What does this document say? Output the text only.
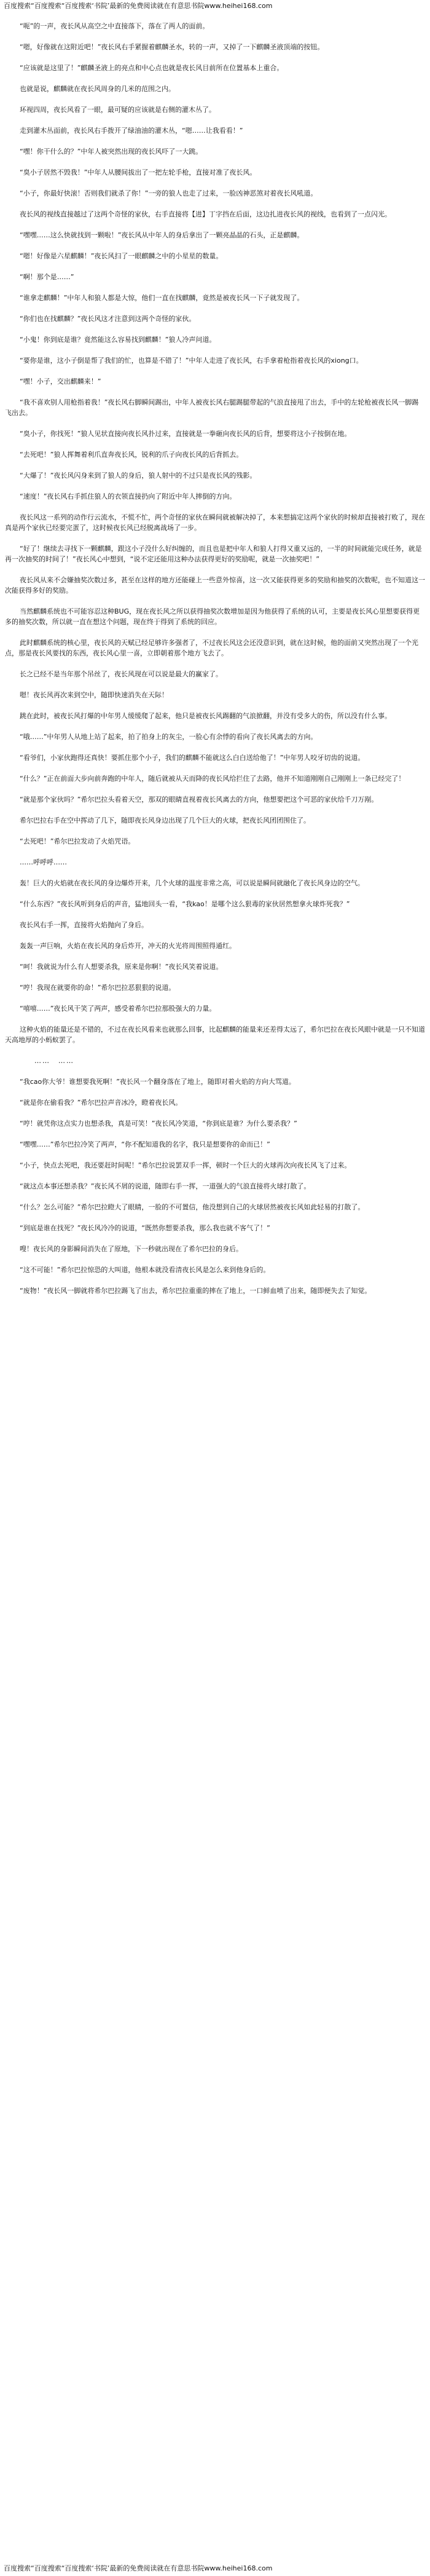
百度搜索“百度搜索“百度搜索‘书院’最新的免费阅读就在有意思书院www.heihei168.com

“呃”的一声，夜长风从高空之中直接落下，落在了两人的面前。

“嗯，好像就在这附近吧！”夜长风右手紧握着麒麟圣水，转的一声，又掉了一下麒麟圣液顶端的按钮。

“应该就是这里了！”麒麟圣液上的亮点和中心点也就是夜长风目前所在位置基本上重合。

也就是说，麒麟就在夜长风周身的几米的范围之内。

环视四周，夜长风看了一眼，最可疑的应该就是右侧的灌木丛了。

走到灌木丛面前，夜长风右手拨开了绿油油的灌木丛，“嗯……让我看看！”

“嘿！你干什么的？”中年人被突然出现的夜长风吓了一大跳。

“臭小子居然不毁我！”中年人从腰间拔出了一把左轮手枪，直接对准了夜长风。

“小子，你最好快滚！否则我们就杀了你！”一旁的狼人也走了过来，一脸凶神恶煞对着夜长风吼道。

夜长风的视线直接越过了这两个奇怪的家伙，右手直接将【进】丁字挡在后面，这边扎进夜长风的视线，也看到了一点闪光。

“嘿嘿……这么快就找到一颗啦！”夜长风从中年人的身后拿出了一颗亮晶晶的石头，正是麒麟。

“嗯！好像是六星麒麟！”夜长风扫了一眼麒麟之中的小星星的数量。

“啊！那个是……”

“谁拿走麒麟！”中年人和狼人都是大惊，他们一直在找麒麟，竟然是被夜长风一下子就发现了。

“你们也在找麒麟？”夜长风这才注意到这两个奇怪的家伙。

“小鬼！你到底是谁？竟然能这么容易找到麒麟！”狼人冷声问道。

“要你是谁，这小子倒是帮了我们的忙，也算是不错了！”中年人走进了夜长风，右手拿着枪指着夜长风的xiong口。

“嘿！小子，交出麒麟来！”

“我不喜欢别人用枪指着我！”夜长风右脚瞬间踢出，中年人被夜长风右腿踢腿带起的气浪直接甩了出去，手中的左轮枪被夜长风一脚踢飞出去。

“臭小子，你找死！”狼人见状直接向夜长风扑过来，直接就是一拳砸向夜长风的后背，想要将这小子按倒在地。

“去死吧！”狼人挥舞着利爪直奔夜长风，锐利的爪子向夜长风的后背抓去。

“大爆了！”夜长风闪身来到了狼人的身后，狼人射中的不过只是夜长风的残影。

“速度！”夜长风右手抓住狼人的衣领直接扔向了附近中年人摔倒的方向。

夜长风这一系列的动作行云流水，不慌不忙，两个奇怪的家伙在瞬间就被解决掉了，本来想搞定这两个家伙的时候却直接被打败了，现在真是两个家伙已经要完蛋了，这时候夜长风已经脱离战场了一步。

“好了！继续去寻找下一颗麒麟，跟这小子没什么好纠缠的，而且也是把中年人和狼人打得又重又远的，一半的时间就能完成任务，就是再一次抽奖的时间了！”夜长风心中想到，“说不定还能用这种办法获得更好的奖励呢，就是一次抽奖吧！”

夜长风从来不会嫌抽奖次数过多，甚至在这样的地方还能碰上一些意外惊喜，这一次又能获得更多的奖励和抽奖的次数呢，也不知道这一次能获得多好的奖励。

当然麒麟系统也不可能容忍这种BUG，现在夜长风之所以获得抽奖次数增加是因为他获得了系统的认可，主要是夜长风心里想要获得更多的抽奖次数，所以就一直在想这个问题，现在终于得到了系统的回应。

此时麒麟系统的核心里，夜长风的天赋已经足够许多强者了，不过夜长风这会还没意识到，就在这时候，他的面前又突然出现了一个光点，那是夜长风要找的东西，夜长风心里一喜，立即朝着那个地方飞去了。

长之已经不是当年那个吊丝了，夜长风现在可以说是最大的赢家了。

嗯！夜长风再次来到空中，随即快速消失在天际！

跳在此时，被夜长风打爆的中年男人缓缓爬了起来，他只是被夜长风踢翻的气浪掀翻，并没有受多大的伤，所以没有什么事。

“哦……”中年男人从地上站了起来，拍了拍身上的灰尘，一脸心有余悸的看向了夜长风离去的方向。

“看爷们，小家伙跑得还真快！要抓住那个小子，我们的麒麟不能就这么白白送给他了！”中年男人咬牙切齿的说道。

“什么？”正在前面大步向前奔跑的中年人，随后就被从天而降的夜长风给拦住了去路，他并不知道刚刚自己刚刚上一条已经完了！

“就是那个家伙吗？”希尔巴拉头看着天空，那双的眼睛直视着夜长风离去的方向，他想要把这个可恶的家伙给千刀万剐。

希尔巴拉右手在空中挥动了几下，随即夜长风身边出现了几个巨大的火球，把夜长风团团围住了。

“去死吧！”希尔巴拉发动了火焰咒语。

……呼呼呼……

轰！巨大的火焰就在夜长风的身边爆炸开来，几个火球的温度非常之高，可以说是瞬间就融化了夜长风身边的空气。

“什么东西？”夜长风听到身后的声音，猛地回头一看，“我kao！是哪个这么狠毒的家伙居然想拿火球炸死我？”

夜长风右手一挥，直接将火焰抛向了身后。

轰轰一声巨响，火焰在夜长风的身后炸开，冲天的火光将周围照得通红。

“呵！我就说为什么有人想要杀我，原来是你啊！”夜长风笑着说道。

“哼！我现在就要你的命！”希尔巴拉恶狠狠的说道。

“嘻嘻……”夜长风干笑了两声，感受着希尔巴拉那股强大的力量。

这种火焰的能量还是不错的，不过在夜长风看来也就那么回事，比起麒麟的能量来还差得太远了，希尔巴拉在夜长风眼中就是一只不知道天高地厚的小蚂蚁罢了。

……　……

“我cao你大爷！谁想要我死啊！”夜长风一个翻身落在了地上，随即对着火焰的方向大骂道。

“就是你在偷看我？”希尔巴拉声音冰冷，瞪着夜长风。

“哼！就凭你这点实力也想杀我，真是可笑！”夜长风冷笑道，“你到底是谁？为什么要杀我？”

“嘿嘿……”希尔巴拉冷笑了两声，“你不配知道我的名字，我只是想要你的命而已！”

“小子，快点去死吧，我还要赶时间呢！”希尔巴拉说罢双手一挥，顿时一个巨大的火球再次向夜长风飞了过来。

“就这点本事还想杀我？”夜长风不屑的说道，随即右手一挥，一道强大的气浪直接将火球打散了。

“什么？怎么可能？”希尔巴拉瞪大了眼睛，一脸的不可置信，他没想到自己的火球居然被夜长风如此轻易的打散了。

“到底是谁在找死？”夜长风冷冷的说道，“既然你想要杀我，那么我也就不客气了！”

嗖！夜长风的身影瞬间消失在了原地，下一秒就出现在了希尔巴拉的身后。

“这不可能！”希尔巴拉惊恐的大叫道，他根本就没看清夜长风是怎么来到他身后的。

“废物！”夜长风一脚就将希尔巴拉踢飞了出去，希尔巴拉重重的摔在了地上，一口鲜血喷了出来，随即便失去了知觉。

百度搜索“百度搜索“百度搜索‘书院’最新的免费阅读就在有意思书院www.heihei168.com
